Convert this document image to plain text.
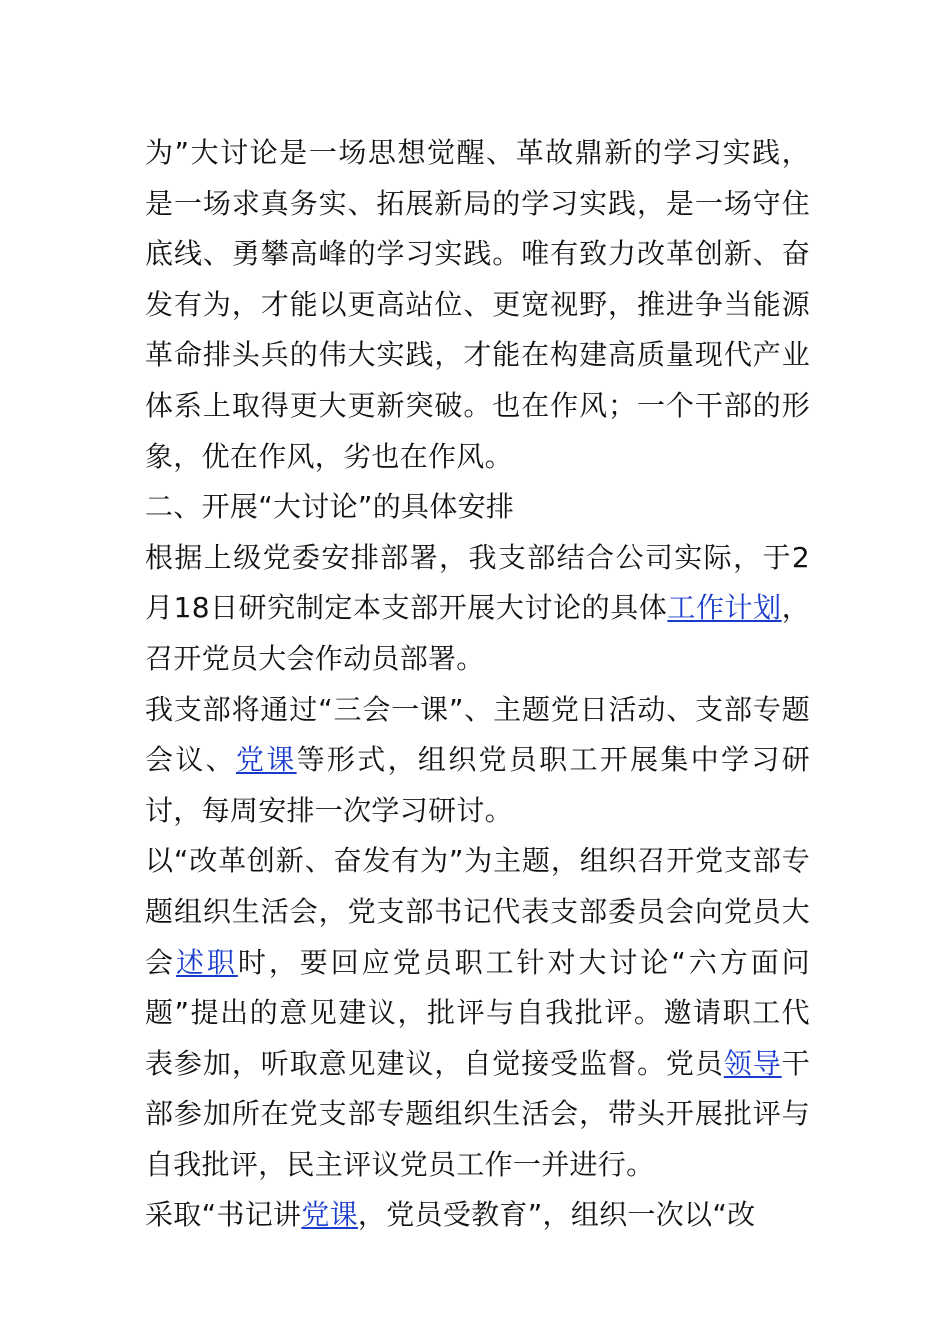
为”大讨论是一场思想觉醒、革故鼎新的学习实践，是一场求真务实、拓展新局的学习实践，是一场守住底线、勇攀高峰的学习实践。唯有致力改革创新、奋发有为，才能以更高站位、更宽视野，推进争当能源革命排头兵的伟大实践，才能在构建高质量现代产业体系上取得更大更新突破。也在作风；一个干部的形象，优在作风，劣也在作风。

二、开展“大讨论”的具体安排

根据上级党委安排部署，我支部结合公司实际，于2月18日研究制定本支部开展大讨论的具体工作计划，召开党员大会作动员部署。

我支部将通过“三会一课”、主题党日活动、支部专题会议、党课等形式，组织党员职工开展集中学习研讨，每周安排一次学习研讨。

以“改革创新、奋发有为”为主题，组织召开党支部专题组织生活会，党支部书记代表支部委员会向党员大会述职时，要回应党员职工针对大讨论“六方面问题”提出的意见建议，批评与自我批评。邀请职工代表参加，听取意见建议，自觉接受监督。党员领导干部参加所在党支部专题组织生活会，带头开展批评与自我批评，民主评议党员工作一并进行。

采取“书记讲党课，党员受教育”，组织一次以“改
